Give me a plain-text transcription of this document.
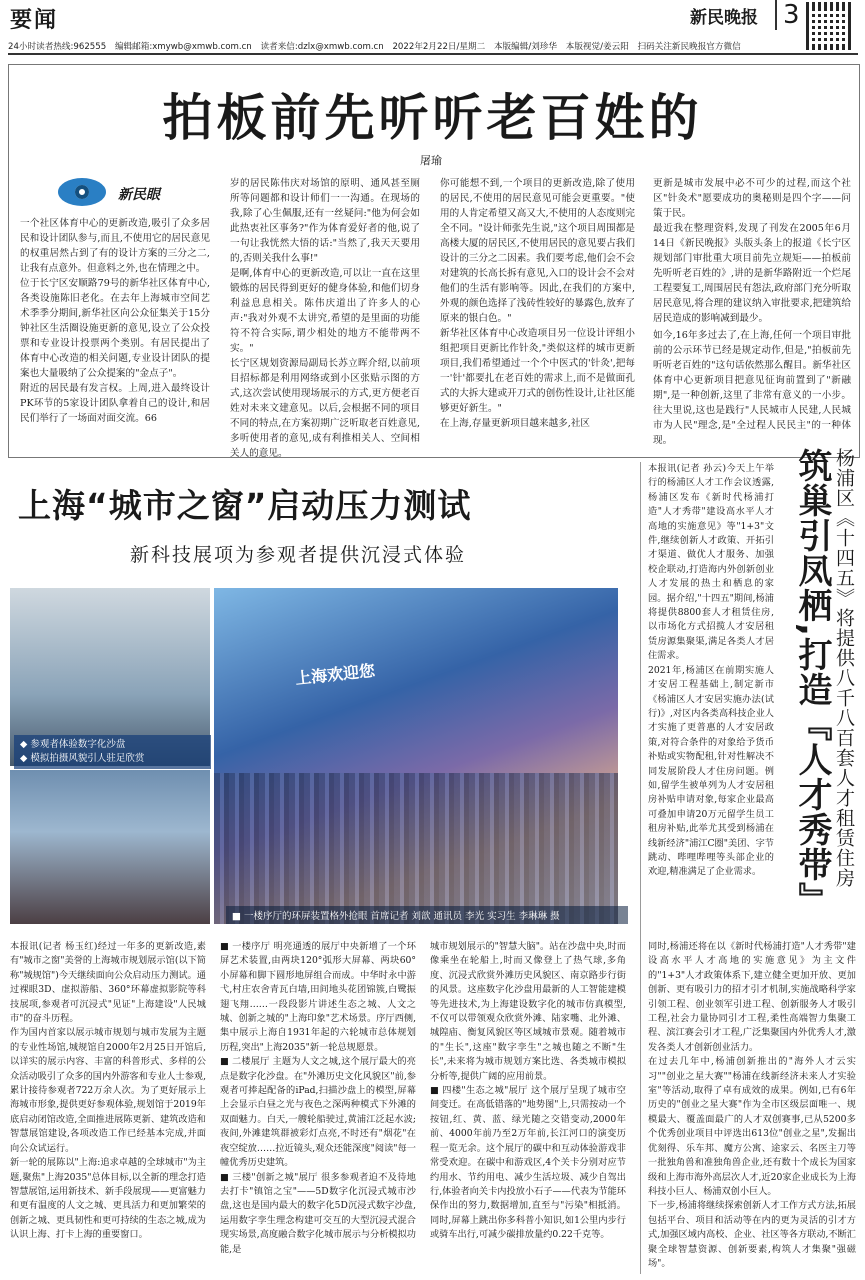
要闻	新民晚报 3
24小时读者热线:962555 编辑邮箱:xmywb@xmwb.com.cn 读者来信:dzlx@xmwb.com.cn 2022年2月22日/星期二 本版编辑/刘珍华 本版视觉/姜云阳 扫码关注新民晚报官方微信
拍板前先听听老百姓的
屠瑜
新民眼
一个社区体育中心的更新改造,吸引了众多居民和设计团队参与,而且,不使用它的居民意见的权重居然占到了有的设计方案的三分之二,让我有点意外。但意料之外,也在情理之中。
位于长宁区安顺路79号的新华社区体育中心,各类设施陈旧老化。在去年上海城市空间艺术季季分期间,新华社区向公众征集关于15分钟社区生活圈设施更新的意见,设立了公众投票和专业设计投票两个类别。有居民提出了体育中心改造的相关问题,专业设计团队的提案也大量吸纳了公众提案的"金点子"。
附近的居民最有发言权。上周,进入最终设计PK环节的5家设计团队拿着自己的设计,和居民们举行了一场面对面交流。66
岁的居民陈伟庆对场馆的原明、通风甚至厕所等问题都和设计师们一一沟通。在现场的我,除了心生佩服,还有一丝疑问:"他为何会如此热衷社区事务?"作为体育爱好者的他,说了一句让我恍然大悟的话:"当然了,我天天要用的,否则关我什么事!"
是啊,体育中心的更新改造,可以让一直在这里锻炼的居民得到更好的健身体验,和他们切身利益息息相关。陈伟庆道出了许多人的心声:"我对外观不太讲究,希望的是里面的功能符不符合实际,谓少相处的地方不能带两不实。"
长宁区规划资源局副局长苏立晖介绍,以前项目招标都是利用网络或到小区张贴示图的方式,这次尝试使用现场展示的方式,更方便老百姓对未来文建意见。以后,会根据不同的项目不同的特点,在方案初期广泛听取老百姓意见,多听使用者的意见,成有利推相关人、空间相关人的意见。
你可能想不到,一个项目的更新改造,除了使用的居民,不使用的居民意见可能会更重要。"使用的人肯定希望又高又大,不使用的人态度则完全不同。"设计师张先生说,"这个项目周围都是高楼大厦的居民区,不使用居民的意见要占我们设计的三分之二因素。我们要考虑,他们会不会对建筑的长高长拆有意见,入口的设计会不会对他们的生活有影响等。因此,在我们的方案中,外观的颜色选择了浅砖性较好的暴露色,放弃了原来的银白色。"
新华社区体育中心改造项目另一位设计评组小组把项目更新比作针灸,"类似这样的城市更新项目,我们希望通过一个个中医式的'针灸',把每一'针'都要扎在老百姓的需求上,而不是做面孔式的大拆大建或开刀式的创伤性设计,让社区能够更好新生。"
在上海,存量更新项目越来越多,社区
更新是城市发展中必不可少的过程,而这个社区"针灸术"愿要成功的奥秘则是四个字——问策于民。
最近我在整理资料,发现了刊发在2005年6月14日《新民晚报》头版头条上的报道《长宁区规划部门审批重大项目前先立规矩——拍板前先听听老百姓的》,讲的是新华路附近一个烂尾工程要复工,周围居民有怨法,政府部门充分听取居民意见,将合理的建议纳入审批要求,把建筑给居民造成的影响减到最少。
如今,16年多过去了,在上海,任何一个项目审批前的公示环节已经是规定动作,但是,"拍板前先听听老百姓的"这句话依然那么醒目。新华社区体育中心更新项目把意见征询前置到了"新融期",是一种创新,这里了非常有意义的一小步。往大里说,这也是践行"人民城市人民建,人民城市为人民"理念,是"全过程人民民主"的一种体现。
上海“城市之窗”启动压力测试
新科技展项为参观者提供沉浸式体验
上海欢迎您
◆ 参观者体验数字化沙盘
◆ 模拟拍摄风貌引人驻足欣赏
■ 一楼序厅的环屏装置格外抢眼 首席记者 刘歆 通讯员 李光 实习生 李琳琳 摄
本报讯(记者 杨玉红)经过一年多的更新改造,素有"城市之窗"美誉的上海城市规划展示馆(以下简称"城规馆")今天继续面向公众启动压力测试。通过裸眼3D、虚拟游船、360°环幕虚拟影院等科技展项,参观者可沉浸式"见证"上海建设"人民城市"的奋斗历程。
作为国内首家以展示城市规划与城市发展为主题的专业性场馆,城规馆自2000年2月25日开馆后,以详实的展示内容、丰富的科普形式、多样的公众活动吸引了众多的国内外游客和专业人士参观,累计接待参观者722万余人次。为了更好展示上海城市形象,提供更好参观体验,规划馆于2019年底启动闭馆改造,全面推进展陈更新、建筑改造和智慧展馆建设,各项改造工作已经基本完成,并面向公众试运行。
新一轮的展陈以"上海:追求卓越的全球城市"为主题,聚焦"上海2035"总体目标,以全新的理念打造智慧展馆,运用新技术、新手段展现——更富魅力和更有温度的人文之城、更具活力和更加繁荣的创新之城、更具韧性和更可持续的生态之城,成为认识上海、打卡上海的重要窗口。
■ 一楼序厅 明亮通透的展厅中央新增了一个环屏艺术装置,由两块120°弧形大屏幕、两块60°小屏幕和脚下圆形地屏组合而成。中华时永中游弋,村庄农舍青瓦白墙,田间地头花团锦簇,白鹭振翅飞翔……一段段影片讲述生态之城、人文之城、创新之城的"上海印象"艺术场景。序厅西侧,集中展示上海自1931年起的六轮城市总体规划历程,突出"上海2035"新一轮总规愿景。
■ 二楼展厅 主题为人文之城,这个展厅最大的亮点是数字化沙盘。在"外滩历史文化风貌区"前,参观者可捧起配备的iPad,扫描沙盘上的模型,屏幕上会显示白昼之光与夜色之深两种模式下外滩的双面魅力。白天,一艘轮船驶过,黄浦江泛起水波;夜间,外滩建筑群被彩灯点亮,不时还有"烟花"在夜空绽放……拉近镜头,观众还能深度"阅读"每一幢优秀历史建筑。
■ 三楼"创新之城"展厅 很多参观者迫不及待地去打卡"镇馆之宝"——5D数字化沉浸式城市沙盘,这也是国内最大的数字化5D沉浸式数字沙盘,运用数字孪生理念构建可交互的大型沉浸式混合现实场景,高度融合数字化城市展示与分析模拟功能,是
城市规划展示的"智慧大脑"。站在沙盘中央,时而像乘坐在轮船上,时而又像登上了热气球,多角度、沉浸式欣赏外滩历史风貌区、南京路步行街的风景。这座数字化沙盘用最新的人工智能建模等先进技术,为上海建设数字化的城市仿真模型,不仅可以带领观众欣赏外滩、陆家嘴、北外滩、城隍庙、衡复风貌区等区域城市景观。随着城市的"生长",这座"数字孪生"之城也随之不断"生长",未来将为城市规划方案比选、各类城市模拟分析等,提供广阔的应用前景。
■ 四楼"生态之城"展厅 这个展厅呈现了城市空间变迁。在高低错落的"地势图"上,只需按动一个按钮,红、黄、蓝、绿光随之交错变动,2000年前、4000年前乃至2万年前,长江河口的演变历程一览无余。这个展厅的碳中和互动体验游戏非常受欢迎。在碳中和游戏区,4个关卡分别对应节约用水、节约用电、减少生活垃圾、减少自驾出行,体验者向关卡内投放小石子——代表为节能环保作出的努力,数据增加,直至与"污染"相抵消。同时,屏幕上跳出你多科普小知识,如1公里内步行或骑车出行,可减少碳排放量约0.22千克等。
杨浦区《十四五》将提供八千八百套人才租赁住房
筑巢引凤栖,打造『人才秀带』
本报讯(记者 孙云)今天上午举行的杨浦区人才工作会议透露,杨浦区发布《新时代杨浦打造"人才秀带"建设高水平人才高地的实施意见》等"1+3"文件,继续创新人才政策、开拓引才渠道、做优人才服务、加强校企联动,打造海内外创新创业人才发展的热土和栖息的家园。据介绍,"十四五"期间,杨浦将提供8800套人才租赁住房,以市场化方式招揽人才安居租赁房源集聚渠,满足各类人才居住需求。
2021年,杨浦区在前期实施人才安居工程基础上,制定新市《杨浦区人才安居实施办法(试行)》,对区内各类高科技企业人才实施了更普惠的人才安居政策,对符合条件的对象给予货币补贴或实物配租,针对性解决不同发展阶段人才住房问题。例如,留学生被单列为人才安居租房补贴申请对象,每家企业最高可叠加申请20万元留学生员工租房补贴,此举尤其受到杨浦在线新经济"浦江C圈"美团、字节跳动、哔哩哔哩等头部企业的欢迎,精准满足了企业需求。

同时,杨浦还将在以《新时代杨浦打造"人才秀带"建设高水平人才高地的实施意见》为主文件的"1+3"人才政策体系下,建立健全更加开放、更加创新、更有吸引力的招才引才机制,实施战略科学家引领工程、创业领军引进工程、创新服务人才吸引工程,社会力量协同引才工程,柔性高端智力集聚工程、滨江赛会引才工程,广泛集聚国内外优秀人才,激发各类人才创新创业活力。
在过去几年中,杨浦创新推出的"海外人才云实习""创业之星大赛""杨浦在线新经济未来人才实验室"等活动,取得了卓有成效的成果。例如,已有6年历史的"创业之星大赛"作为全市区级层面唯一、规模最大、覆盖面最广的人才双创赛事,已从5200多个优秀创业项目中评选出613位"创业之星",发掘出优刻得、乐车邦、魔方公寓、途家云、名医主刀等一批独角兽和准独角兽企业,还有数十个成长为国家级和上海市海外高层次人才,近20家企业成长为上海科技小巨人、杨浦双创小巨人。
下一步,杨浦将继续探索创新人才工作方式方法,拓展包括平台、项目和活动等在内的更为灵活的引才方式,加强区域内高校、企业、社区等各方联动,不断汇聚全球智慧资源、创新要素,构筑人才集聚"强磁场"。
